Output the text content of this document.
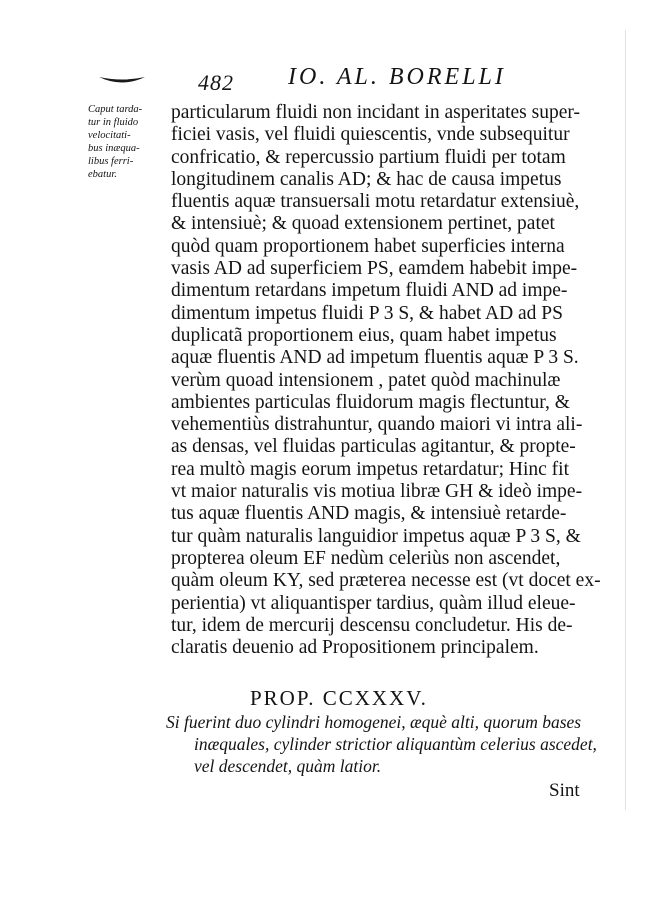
482 IO. AL. BORELLI
Caput tarda-
tur in fluido
velocitati-
bus inæqua-
libus ferri-
ebatur.
particularum fluidi non incidant in asperitates super-
ficiei vasis, vel fluidi quiescentis, vnde subsequitur
confricatio, & repercussio partium fluidi per totam
longitudinem canalis AD; & hac de causa impetus
fluentis aquæ transuersali motu retardatur extensiuè,
& intensiuè; & quoad extensionem pertinet, patet
quòd quam proportionem habet superficies interna
vasis AD ad superficiem PS, eamdem habebit impe-
dimentum retardans impetum fluidi AND ad impe-
dimentum impetus fluidi P 3 S, & habet AD ad PS
duplicatã proportionem eius, quam habet impetus
aquæ fluentis AND ad impetum fluentis aquæ P 3 S.
verùm quoad intensionem , patet quòd machinulæ
ambientes particulas fluidorum magis flectuntur, &
vehementiùs distrahuntur, quando maiori vi intra ali-
as densas, vel fluidas particulas agitantur, & propte-
rea multò magis eorum impetus retardatur; Hinc fit
vt maior naturalis vis motiua libræ GH & ideò impe-
tus aquæ fluentis AND magis, & intensiuè retarde-
tur quàm naturalis languidior impetus aquæ P 3 S, &
propterea oleum EF nedùm celeriùs non ascendet,
quàm oleum KY, sed præterea necesse est (vt docet ex-
perientia) vt aliquantisper tardius, quàm illud eleue-
tur, idem de mercurij descensu concludetur. His de-
claratis deuenio ad Propositionem principalem.
PROP. CCXXXV.
Si fuerint duo cylindri homogenei, æquè alti, quorum bases
inæquales, cylinder strictior aliquantùm celerius ascedet,
vel descendet, quàm latior.
Sint
